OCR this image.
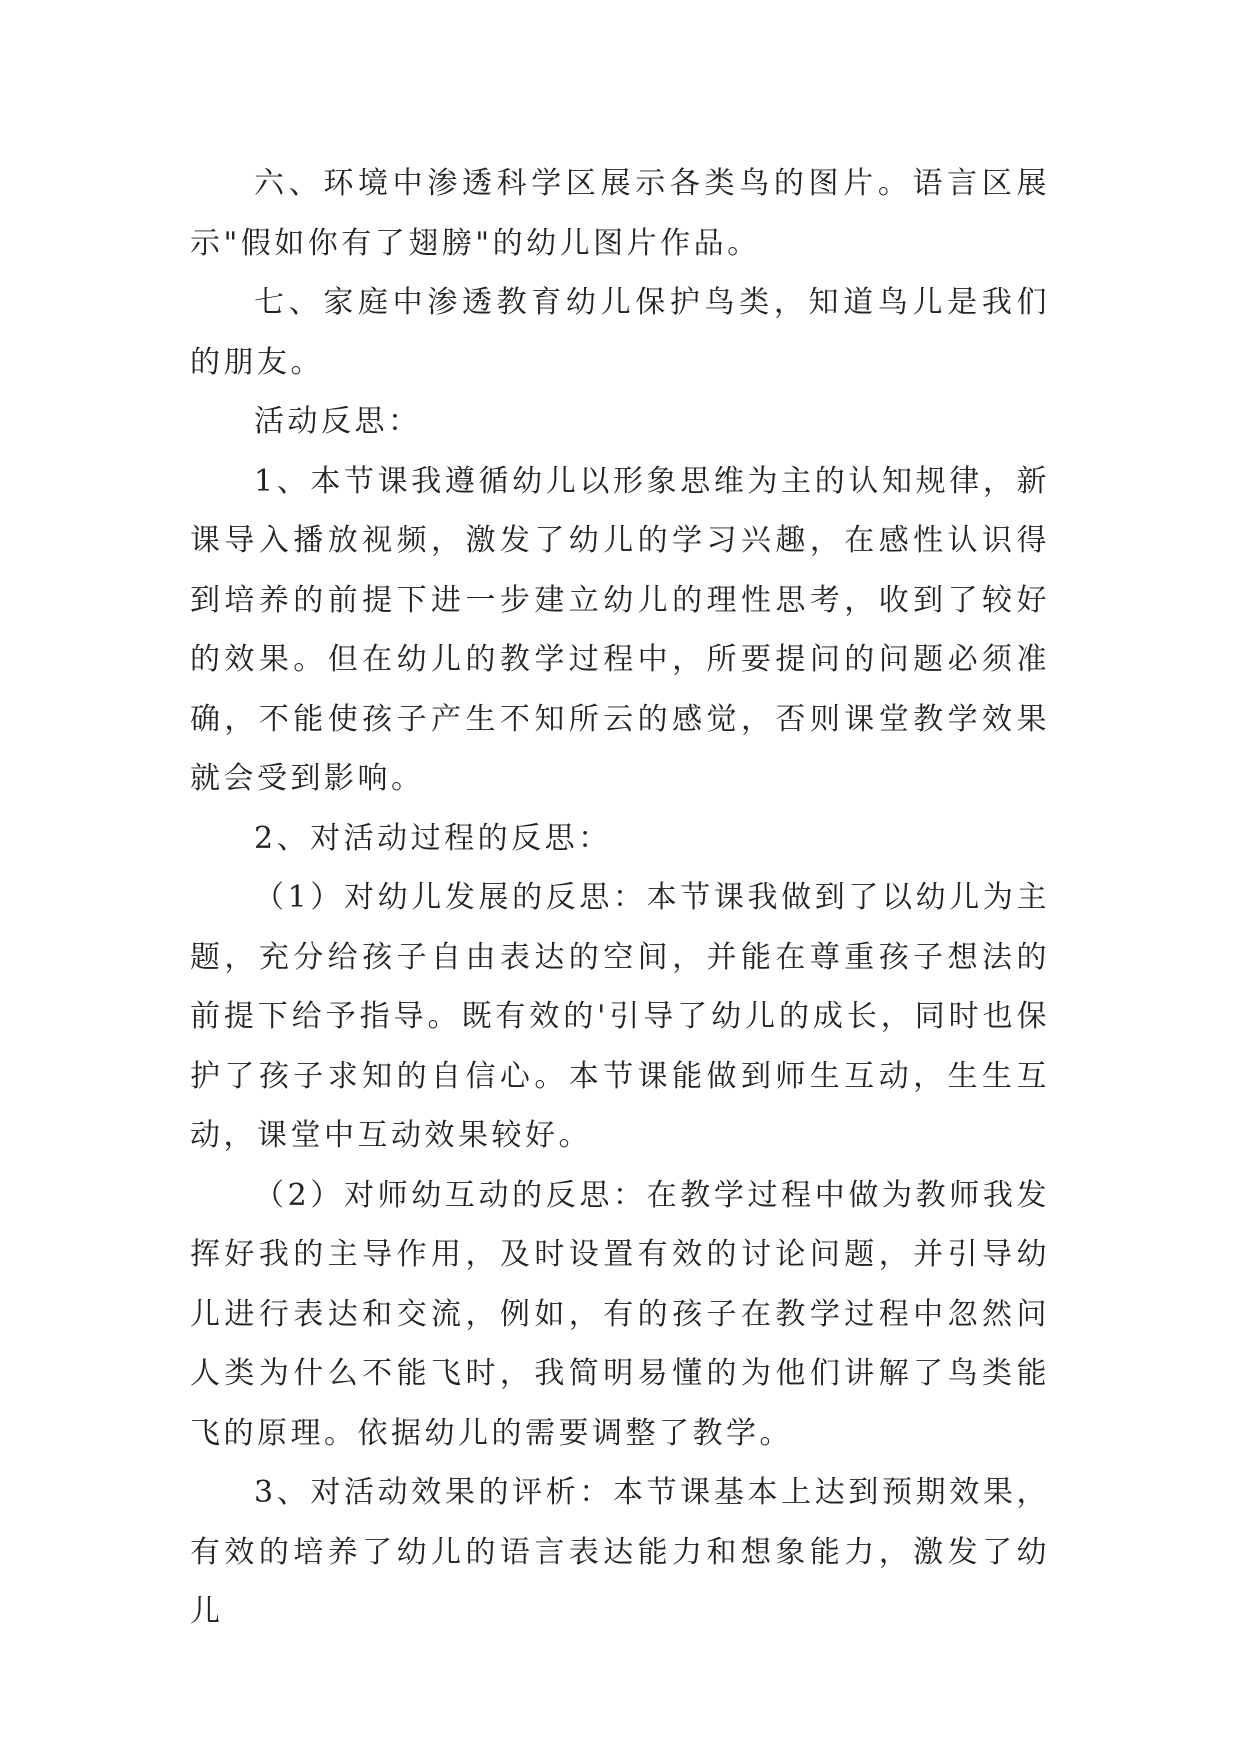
六、环境中渗透科学区展示各类鸟的图片。语言区展示"假如你有了翅膀"的幼儿图片作品。

七、家庭中渗透教育幼儿保护鸟类，知道鸟儿是我们的朋友。

活动反思：

1、本节课我遵循幼儿以形象思维为主的认知规律，新课导入播放视频，激发了幼儿的学习兴趣，在感性认识得到培养的前提下进一步建立幼儿的理性思考，收到了较好的效果。但在幼儿的教学过程中，所要提问的问题必须准确，不能使孩子产生不知所云的感觉，否则课堂教学效果就会受到影响。

2、对活动过程的反思：

（1）对幼儿发展的反思：本节课我做到了以幼儿为主题，充分给孩子自由表达的空间，并能在尊重孩子想法的前提下给予指导。既有效的'引导了幼儿的成长，同时也保护了孩子求知的自信心。本节课能做到师生互动，生生互动，课堂中互动效果较好。

（2）对师幼互动的反思：在教学过程中做为教师我发挥好我的主导作用，及时设置有效的讨论问题，并引导幼儿进行表达和交流，例如，有的孩子在教学过程中忽然问人类为什么不能飞时，我简明易懂的为他们讲解了鸟类能飞的原理。依据幼儿的需要调整了教学。

3、对活动效果的评析：本节课基本上达到预期效果，有效的培养了幼儿的语言表达能力和想象能力，激发了幼儿
